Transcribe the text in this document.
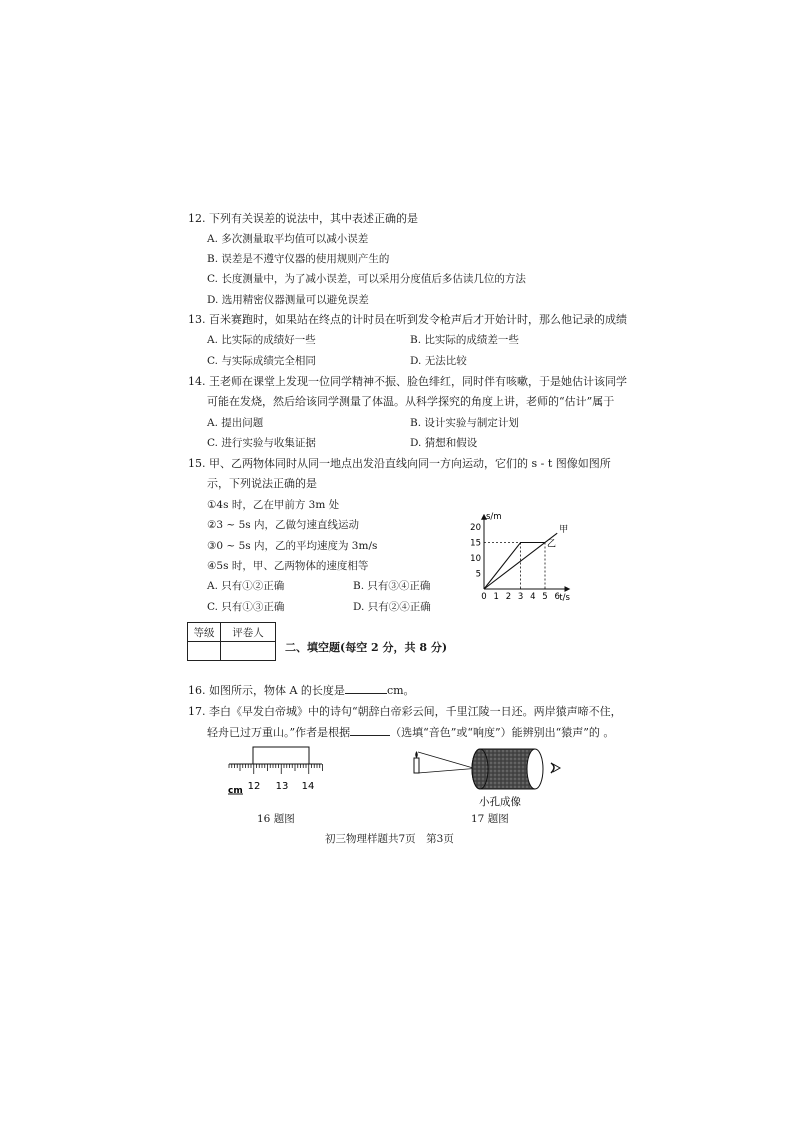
12. 下列有关误差的说法中，其中表述正确的是
A. 多次测量取平均值可以减小误差
B. 误差是不遵守仪器的使用规则产生的
C. 长度测量中，为了减小误差，可以采用分度值后多估读几位的方法
D. 选用精密仪器测量可以避免误差
13. 百米赛跑时，如果站在终点的计时员在听到发令枪声后才开始计时，那么他记录的成绩
A. 比实际的成绩好一些	B. 比实际的成绩差一些
C. 与实际成绩完全相同	D. 无法比较
14. 王老师在课堂上发现一位同学精神不振、脸色绯红，同时伴有咳嗽，于是她估计该同学
可能在发烧，然后给该同学测量了体温。从科学探究的角度上讲，老师的“估计”属于
A. 提出问题	B. 设计实验与制定计划
C. 进行实验与收集证据	D. 猜想和假设
15. 甲、乙两物体同时从同一地点出发沿直线向同一方向运动，它们的 s - t 图像如图所
示，下列说法正确的是
①4s 时，乙在甲前方 3m 处
②3 ~ 5s 内，乙做匀速直线运动
③0 ~ 5s 内，乙的平均速度为 3m/s
④5s 时，甲、乙两物体的速度相等
A. 只有①②正确	B. 只有③④正确
C. 只有①③正确	D. 只有②④正确
s/m
t/s
0 1 2 3 4 5 6
5
10
15
20	甲
乙
等级	评卷人

二、填空题(每空 2 分，共 8 分)
16. 如图所示，物体 A 的长度是	cm。
17. 李白《早发白帝城》中的诗句“朝辞白帝彩云间，千里江陵一日还。两岸猿声啼不住，
轻舟已过万重山。”作者是根据	（选填“音色”或“响度”）能辨别出“猿声”的 。
12 13 14
cm
小孔成像
16 题图	17 题图
初三物理样题共7页　第3页
